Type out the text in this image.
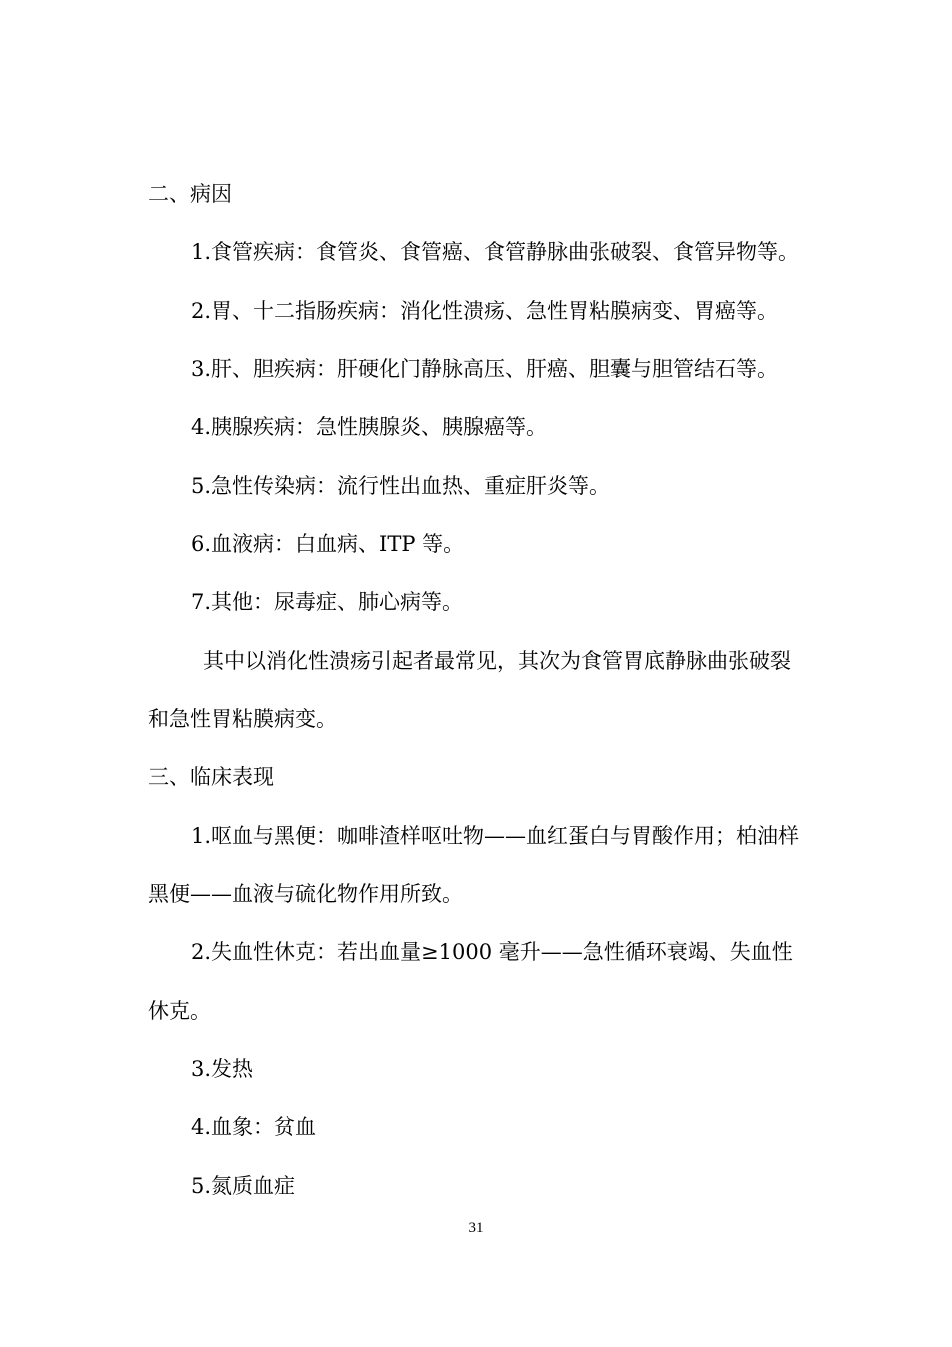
二、病因
1.食管疾病：食管炎、食管癌、食管静脉曲张破裂、食管异物等。
2.胃、十二指肠疾病：消化性溃疡、急性胃粘膜病变、胃癌等。
3.肝、胆疾病：肝硬化门静脉高压、肝癌、胆囊与胆管结石等。
4.胰腺疾病：急性胰腺炎、胰腺癌等。
5.急性传染病：流行性出血热、重症肝炎等。
6.血液病：白血病、ITP 等。
7.其他：尿毒症、肺心病等。
其中以消化性溃疡引起者最常见，其次为食管胃底静脉曲张破裂
和急性胃粘膜病变。
三、临床表现
1.呕血与黑便：咖啡渣样呕吐物——血红蛋白与胃酸作用；柏油样
黑便——血液与硫化物作用所致。
2.失血性休克：若出血量≥1000 毫升——急性循环衰竭、失血性
休克。
3.发热
4.血象：贫血
5.氮质血症
31
